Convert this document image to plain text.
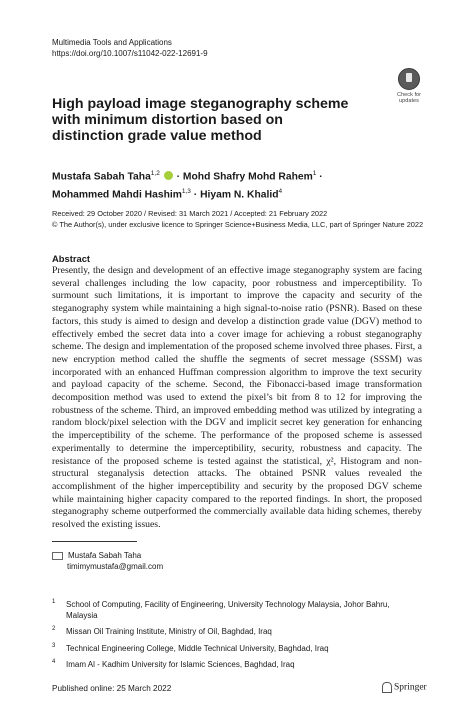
Multimedia Tools and Applications
https://doi.org/10.1007/s11042-022-12691-9
Check for
updates
High payload image steganography scheme with minimum distortion based on distinction grade value method
Mustafa Sabah Taha$^{1,2}$ · Mohd Shafry Mohd Rahem$^1$ ·
Mohammed Mahdi Hashim$^{1,3}$ · Hiyam N. Khalid$^4$
Received: 29 October 2020 / Revised: 31 March 2021 / Accepted: 21 February 2022
© The Author(s), under exclusive licence to Springer Science+Business Media, LLC, part of Springer Nature 2022
Abstract
Presently, the design and development of an effective image steganography system are facing several challenges including the low capacity, poor robustness and imperceptibility. To surmount such limitations, it is important to improve the capacity and security of the steganography system while maintaining a high signal-to-noise ratio (PSNR). Based on these factors, this study is aimed to design and develop a distinction grade value (DGV) method to effectively embed the secret data into a cover image for achieving a robust steganography scheme. The design and implementation of the proposed scheme involved three phases. First, a new encryption method called the shuffle the segments of secret message (SSSM) was incorporated with an enhanced Huffman compression algorithm to improve the text security and payload capacity of the scheme. Second, the Fibonacci-based image transformation decomposition method was used to extend the pixel’s bit from 8 to 12 for improving the robustness of the scheme. Third, an improved embedding method was utilized by integrating a random block/pixel selection with the DGV and implicit secret key generation for enhancing the imperceptibility of the scheme. The performance of the proposed scheme is assessed experimentally to determine the imperceptibility, security, robustness and capacity. The resistance of the proposed scheme is tested against the statistical, χ², Histogram and non-structural steganalysis detection attacks. The obtained PSNR values revealed the accomplishment of the higher imperceptibility and security by the proposed DGV scheme while maintaining higher capacity compared to the reported findings. In short, the proposed steganography scheme outperformed the commercially available data hiding schemes, thereby resolved the existing issues.
Mustafa Sabah Taha
timimymustafa@gmail.com
1 School of Computing, Facility of Engineering, University Technology Malaysia, Johor Bahru,
Malaysia
2 Missan Oil Training Institute, Ministry of Oil, Baghdad, Iraq
3 Technical Engineering College, Middle Technical University, Baghdad, Iraq
4 Imam Al - Kadhim University for Islamic Sciences, Baghdad, Iraq
Published online: 25 March 2022	Springer
